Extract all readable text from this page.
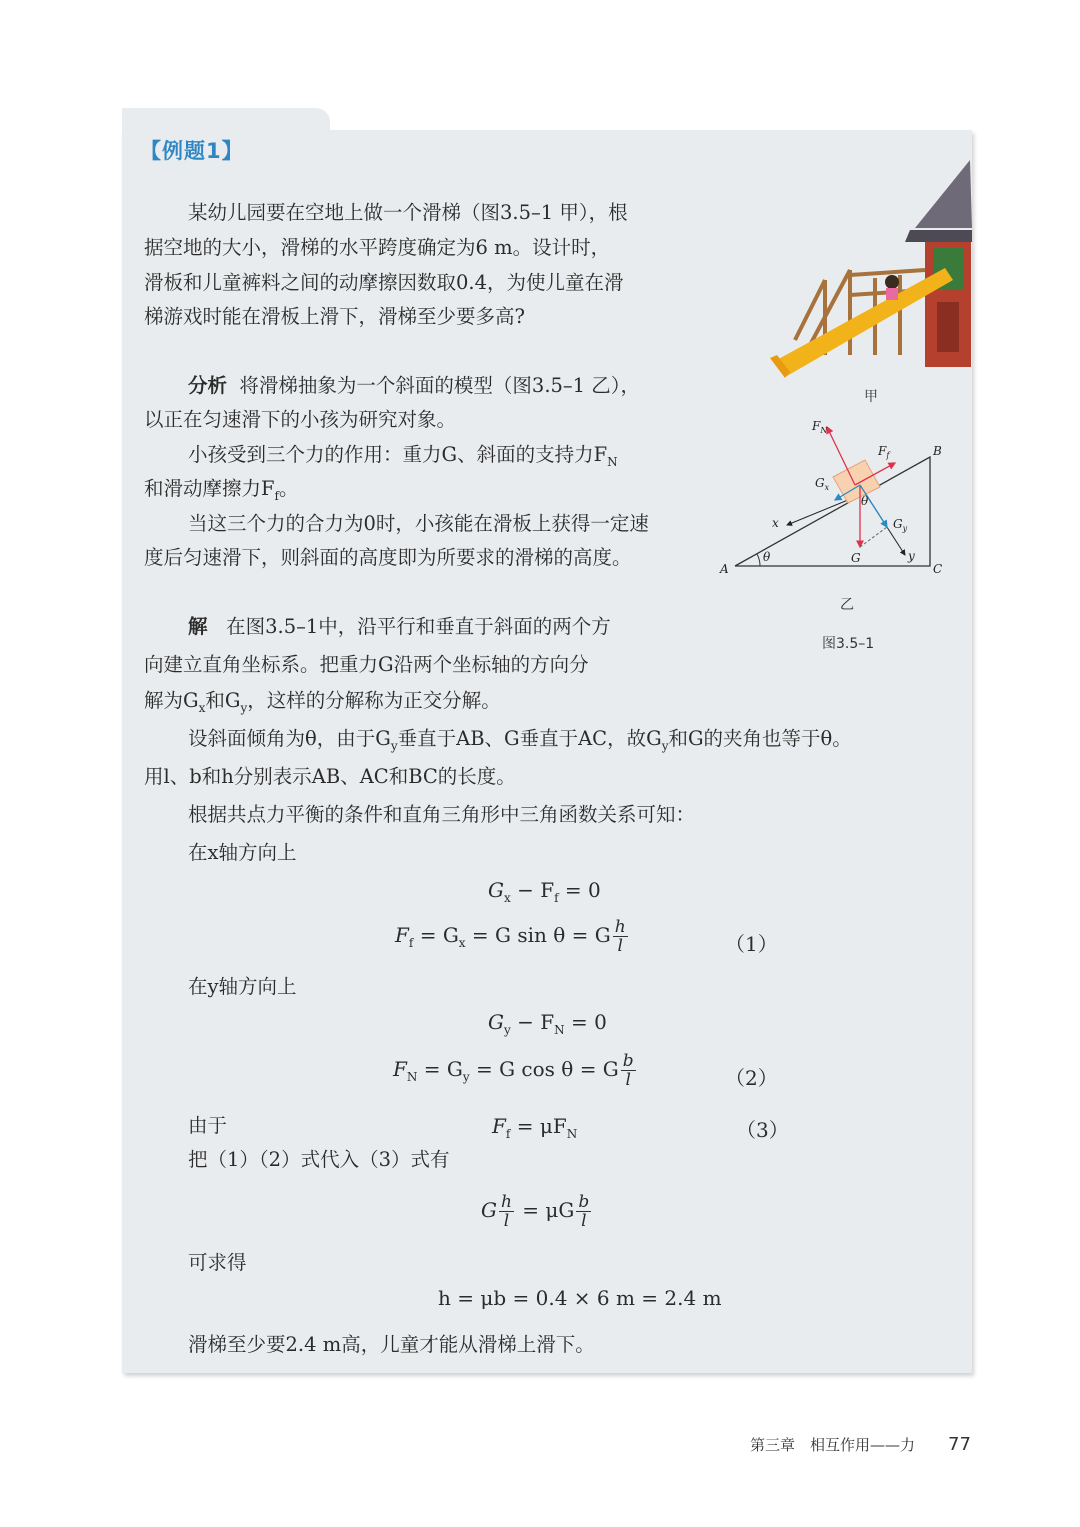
【例题1】
某幼儿园要在空地上做一个滑梯（图3.5–1 甲），根
据空地的大小，滑梯的水平跨度确定为6 m。设计时，
滑板和儿童裤料之间的动摩擦因数取0.4，为使儿童在滑
梯游戏时能在滑板上滑下，滑梯至少要多高?
分析 将滑梯抽象为一个斜面的模型（图3.5–1 乙），
以正在匀速滑下的小孩为研究对象。
小孩受到三个力的作用：重力G、斜面的支持力$F_N$
和滑动摩擦力$F_f$。
当这三个力的合力为0时，小孩能在滑板上获得一定速
度后匀速滑下，则斜面的高度即为所要求的滑梯的高度。
解 在图3.5–1中，沿平行和垂直于斜面的两个方
向建立直角坐标系。把重力G沿两个坐标轴的方向分
解为$G_x$和$G_y$，这样的分解称为正交分解。
设斜面倾角为θ，由于$G_y$垂直于AB、G垂直于AC，故$G_y$和G的夹角也等于θ。
用l、b和h分别表示AB、AC和BC的长度。
根据共点力平衡的条件和直角三角形中三角函数关系可知：
在x轴方向上
$G_x - F_f = 0$
$F_f = G_x = G$ sin θ = G $\frac{h}{l}$	（1）
在y轴方向上
$G_y - F_N = 0$
$F_N = G_y = G$ cos θ = G $\frac{b}{l}$	（2）
由于	$F_f = \mu F_N$	（3）
把（1）（2）式代入（3）式有
G $\frac{h}{l} = \mu G \frac{b}{l}$
可求得
h = μb = 0.4 × 6 m = 2.4 m
滑梯至少要2.4 m高，儿童才能从滑梯上滑下。
甲
A
B
C
θ
θ
G
x
y
$F_N$
$F_f$
$G_x$
$G_y$
乙
图3.5–1
第三章　相互作用——力 77
